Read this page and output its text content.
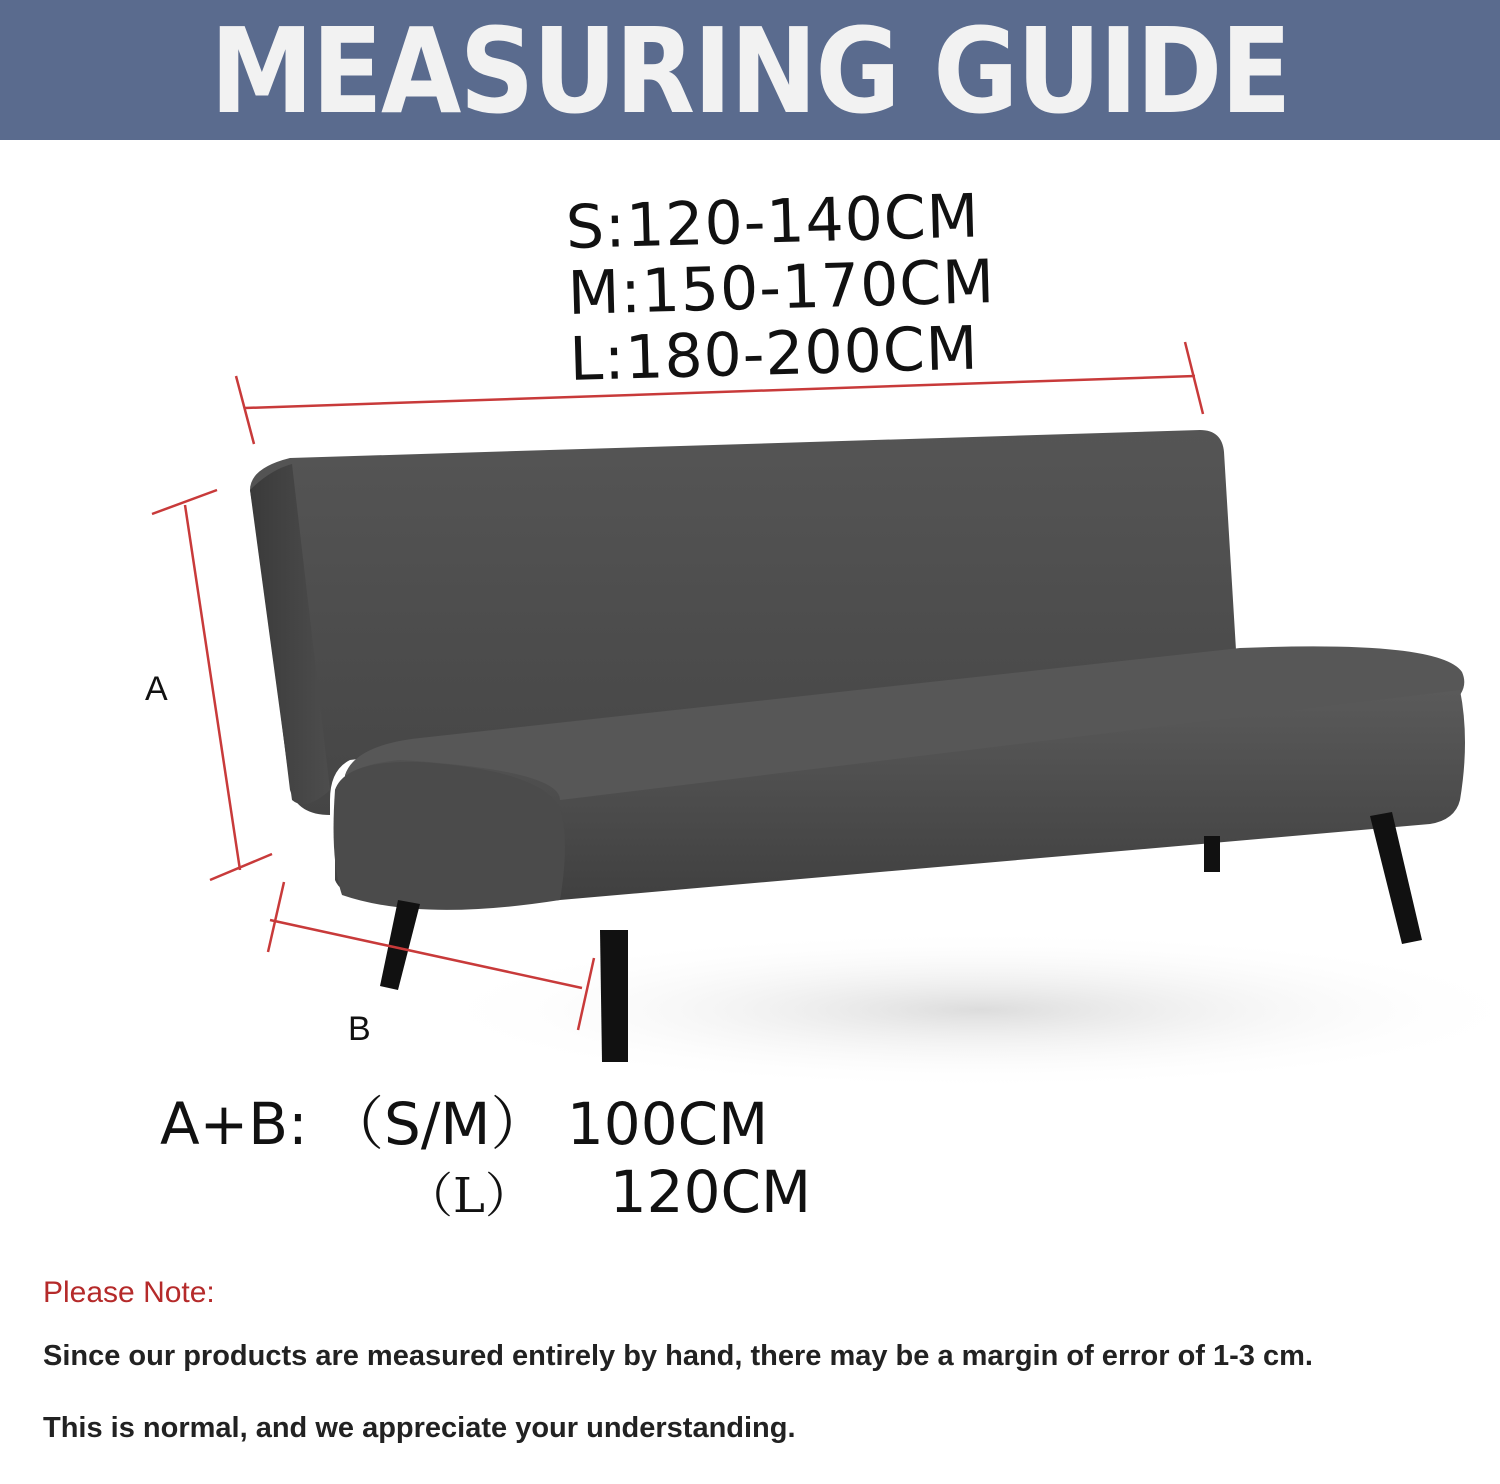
MEASURING GUIDE
S:120-140CM
M:150-170CM
L:180-200CM
A
B
A+B: （S/M） 100CM
（L） 120CM
Please Note:
Since our products are measured entirely by hand, there may be a margin of error of 1-3 cm.
This is normal, and we appreciate your understanding.
